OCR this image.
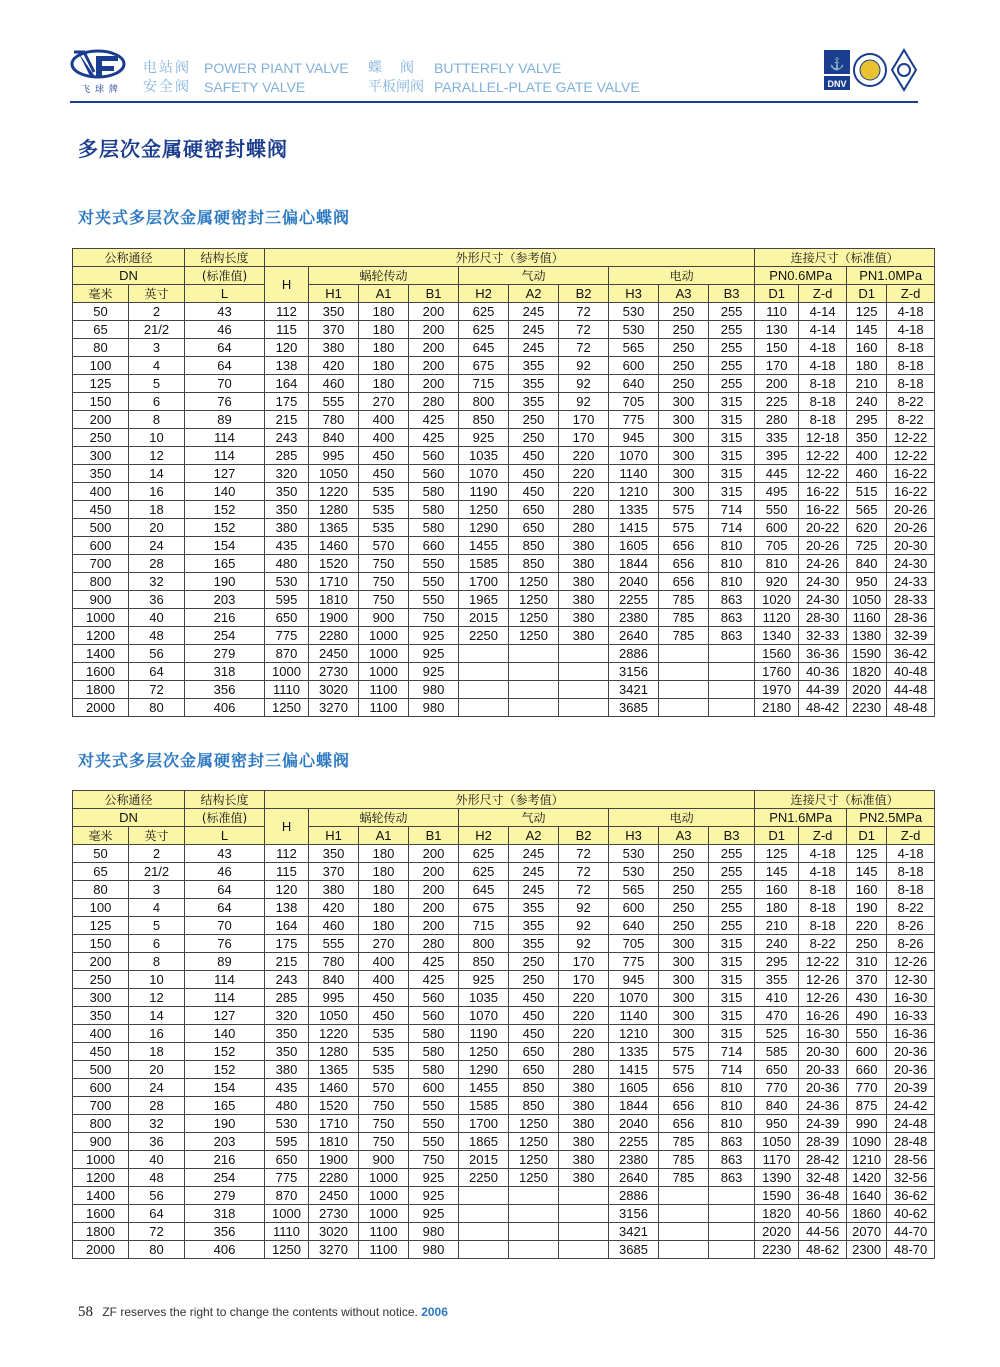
飞 球 牌
电站阀
安全阀
POWER PIANT VALVE
SAFETY VALVE
蝶　阀
平板闸阀
BUTTERFLY VALVE
PARALLEL-PLATE GATE VALVE
⚓
DNV
多层次金属硬密封蝶阀
对夹式多层次金属硬密封三偏心蝶阀
公称通径		结构长度	外形尺寸（参考值）										连接尺寸（标准值）			
DN		(标准值)	H	蜗轮传动			气动			电动			PN0.6MPa		PN1.0MPa	
毫米	英寸	L		H1	A1	B1	H2	A2	B2	H3	A3	B3	D1	Z-d	D1	Z-d
50	2	43	112	350	180	200	625	245	72	530	250	255	110	4-14	125	4-18
65	21/2	46	115	370	180	200	625	245	72	530	250	255	130	4-14	145	4-18
80	3	64	120	380	180	200	645	245	72	565	250	255	150	4-18	160	8-18
100	4	64	138	420	180	200	675	355	92	600	250	255	170	4-18	180	8-18
125	5	70	164	460	180	200	715	355	92	640	250	255	200	8-18	210	8-18
150	6	76	175	555	270	280	800	355	92	705	300	315	225	8-18	240	8-22
200	8	89	215	780	400	425	850	250	170	775	300	315	280	8-18	295	8-22
250	10	114	243	840	400	425	925	250	170	945	300	315	335	12-18	350	12-22
300	12	114	285	995	450	560	1035	450	220	1070	300	315	395	12-22	400	12-22
350	14	127	320	1050	450	560	1070	450	220	1140	300	315	445	12-22	460	16-22
400	16	140	350	1220	535	580	1190	450	220	1210	300	315	495	16-22	515	16-22
450	18	152	350	1280	535	580	1250	650	280	1335	575	714	550	16-22	565	20-26
500	20	152	380	1365	535	580	1290	650	280	1415	575	714	600	20-22	620	20-26
600	24	154	435	1460	570	660	1455	850	380	1605	656	810	705	20-26	725	20-30
700	28	165	480	1520	750	550	1585	850	380	1844	656	810	810	24-26	840	24-30
800	32	190	530	1710	750	550	1700	1250	380	2040	656	810	920	24-30	950	24-33
900	36	203	595	1810	750	550	1965	1250	380	2255	785	863	1020	24-30	1050	28-33
1000	40	216	650	1900	900	750	2015	1250	380	2380	785	863	1120	28-30	1160	28-36
1200	48	254	775	2280	1000	925	2250	1250	380	2640	785	863	1340	32-33	1380	32-39
1400	56	279	870	2450	1000	925				2886			1560	36-36	1590	36-42
1600	64	318	1000	2730	1000	925				3156			1760	40-36	1820	40-48
1800	72	356	1110	3020	1100	980				3421			1970	44-39	2020	44-48
2000	80	406	1250	3270	1100	980				3685			2180	48-42	2230	48-48
对夹式多层次金属硬密封三偏心蝶阀
公称通径		结构长度	外形尺寸（参考值）										连接尺寸（标准值）			
DN		(标准值)	H	蜗轮传动			气动			电动			PN1.6MPa		PN2.5MPa	
毫米	英寸	L		H1	A1	B1	H2	A2	B2	H3	A3	B3	D1	Z-d	D1	Z-d
50	2	43	112	350	180	200	625	245	72	530	250	255	125	4-18	125	4-18
65	21/2	46	115	370	180	200	625	245	72	530	250	255	145	4-18	145	8-18
80	3	64	120	380	180	200	645	245	72	565	250	255	160	8-18	160	8-18
100	4	64	138	420	180	200	675	355	92	600	250	255	180	8-18	190	8-22
125	5	70	164	460	180	200	715	355	92	640	250	255	210	8-18	220	8-26
150	6	76	175	555	270	280	800	355	92	705	300	315	240	8-22	250	8-26
200	8	89	215	780	400	425	850	250	170	775	300	315	295	12-22	310	12-26
250	10	114	243	840	400	425	925	250	170	945	300	315	355	12-26	370	12-30
300	12	114	285	995	450	560	1035	450	220	1070	300	315	410	12-26	430	16-30
350	14	127	320	1050	450	560	1070	450	220	1140	300	315	470	16-26	490	16-33
400	16	140	350	1220	535	580	1190	450	220	1210	300	315	525	16-30	550	16-36
450	18	152	350	1280	535	580	1250	650	280	1335	575	714	585	20-30	600	20-36
500	20	152	380	1365	535	580	1290	650	280	1415	575	714	650	20-33	660	20-36
600	24	154	435	1460	570	600	1455	850	380	1605	656	810	770	20-36	770	20-39
700	28	165	480	1520	750	550	1585	850	380	1844	656	810	840	24-36	875	24-42
800	32	190	530	1710	750	550	1700	1250	380	2040	656	810	950	24-39	990	24-48
900	36	203	595	1810	750	550	1865	1250	380	2255	785	863	1050	28-39	1090	28-48
1000	40	216	650	1900	900	750	2015	1250	380	2380	785	863	1170	28-42	1210	28-56
1200	48	254	775	2280	1000	925	2250	1250	380	2640	785	863	1390	32-48	1420	32-56
1400	56	279	870	2450	1000	925				2886			1590	36-48	1640	36-62
1600	64	318	1000	2730	1000	925				3156			1820	40-56	1860	40-62
1800	72	356	1110	3020	1100	980				3421			2020	44-56	2070	44-70
2000	80	406	1250	3270	1100	980				3685			2230	48-62	2300	48-70
58 ZF reserves the right to change the contents without notice. 2006
